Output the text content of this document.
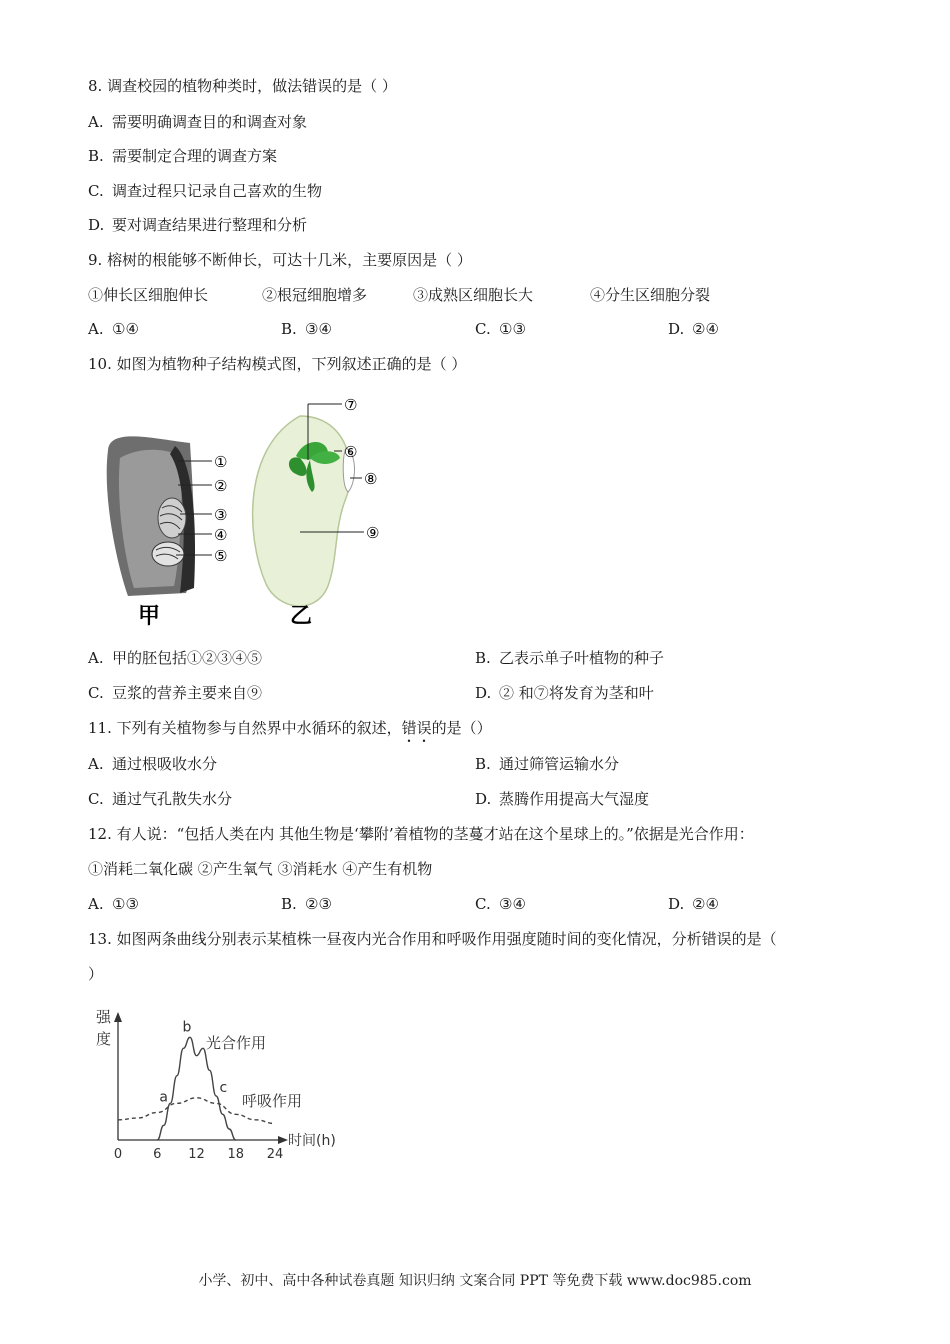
8. 调查校园的植物种类时，做法错误的是（ ）
A. 需要明确调查目的和调查对象
B. 需要制定合理的调查方案
C. 调查过程只记录自己喜欢的生物
D. 要对调查结果进行整理和分析
9. 榕树的根能够不断伸长，可达十几米，主要原因是（ ）
①伸长区细胞伸长	②根冠细胞增多	③成熟区细胞长大	④分生区细胞分裂
A. ①④	B. ③④	C. ①③	D. ②④
10. 如图为植物种子结构模式图，下列叙述正确的是（ ）
①
②
③
④
⑤
甲
⑦
⑥
⑧
⑨
乙
A. 甲的胚包括①②③④⑤	B. 乙表示单子叶植物的种子
C. 豆浆的营养主要来自⑨	D. ② 和⑦将发育为茎和叶
11. 下列有关植物参与自然界中水循环的叙述，错误的是（）
A. 通过根吸收水分	B. 通过筛管运输水分
C. 通过气孔散失水分	D. 蒸腾作用提高大气湿度
12. 有人说：“包括人类在内 其他生物是‘攀附’着植物的茎蔓才站在这个星球上的。”依据是光合作用：
①消耗二氧化碳 ②产生氧气 ③消耗水 ④产生有机物
A. ①③	B. ②③	C. ③④	D. ②④
13. 如图两条曲线分别表示某植株一昼夜内光合作用和呼吸作用强度随时间的变化情况，分析错误的是（
）
0 6 12 18 24
强
度
时间(h)
光合作用
呼吸作用
a
b
c
小学、初中、高中各种试卷真题 知识归纳 文案合同 PPT 等免费下载 www.doc985.com
